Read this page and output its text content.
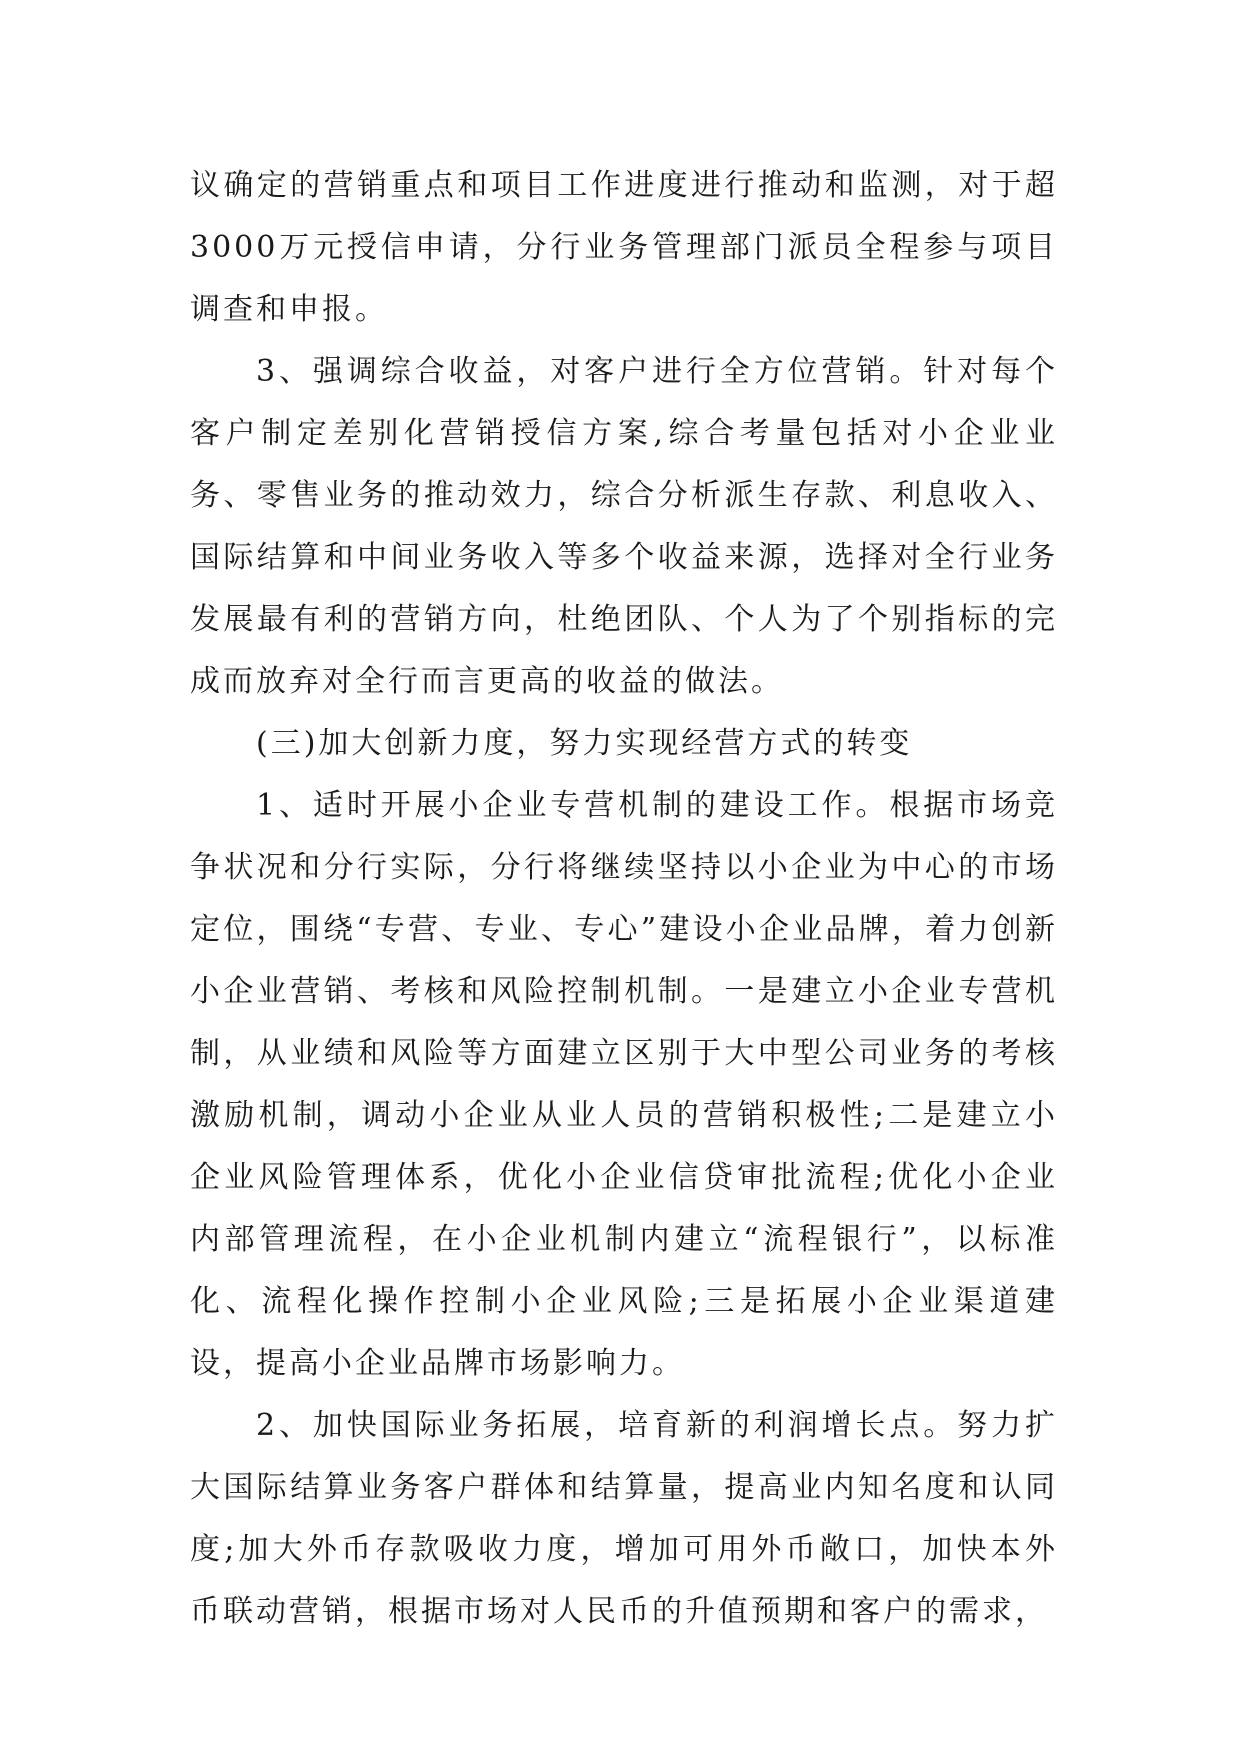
议确定的营销重点和项目工作进度进行推动和监测，对于超3000万元授信申请，分行业务管理部门派员全程参与项目调查和申报。

3、强调综合收益，对客户进行全方位营销。针对每个客户制定差别化营销授信方案,综合考量包括对小企业业务、零售业务的推动效力，综合分析派生存款、利息收入、国际结算和中间业务收入等多个收益来源，选择对全行业务发展最有利的营销方向，杜绝团队、个人为了个别指标的完成而放弃对全行而言更高的收益的做法。

(三)加大创新力度，努力实现经营方式的转变

1、适时开展小企业专营机制的建设工作。根据市场竞争状况和分行实际，分行将继续坚持以小企业为中心的市场定位，围绕“专营、专业、专心”建设小企业品牌，着力创新小企业营销、考核和风险控制机制。一是建立小企业专营机制，从业绩和风险等方面建立区别于大中型公司业务的考核激励机制，调动小企业从业人员的营销积极性;二是建立小企业风险管理体系，优化小企业信贷审批流程;优化小企业内部管理流程，在小企业机制内建立“流程银行”，以标准化、流程化操作控制小企业风险;三是拓展小企业渠道建设，提高小企业品牌市场影响力。

2、加快国际业务拓展，培育新的利润增长点。努力扩大国际结算业务客户群体和结算量，提高业内知名度和认同度;加大外币存款吸收力度，增加可用外币敞口，加快本外币联动营销，根据市场对人民币的升值预期和客户的需求，
